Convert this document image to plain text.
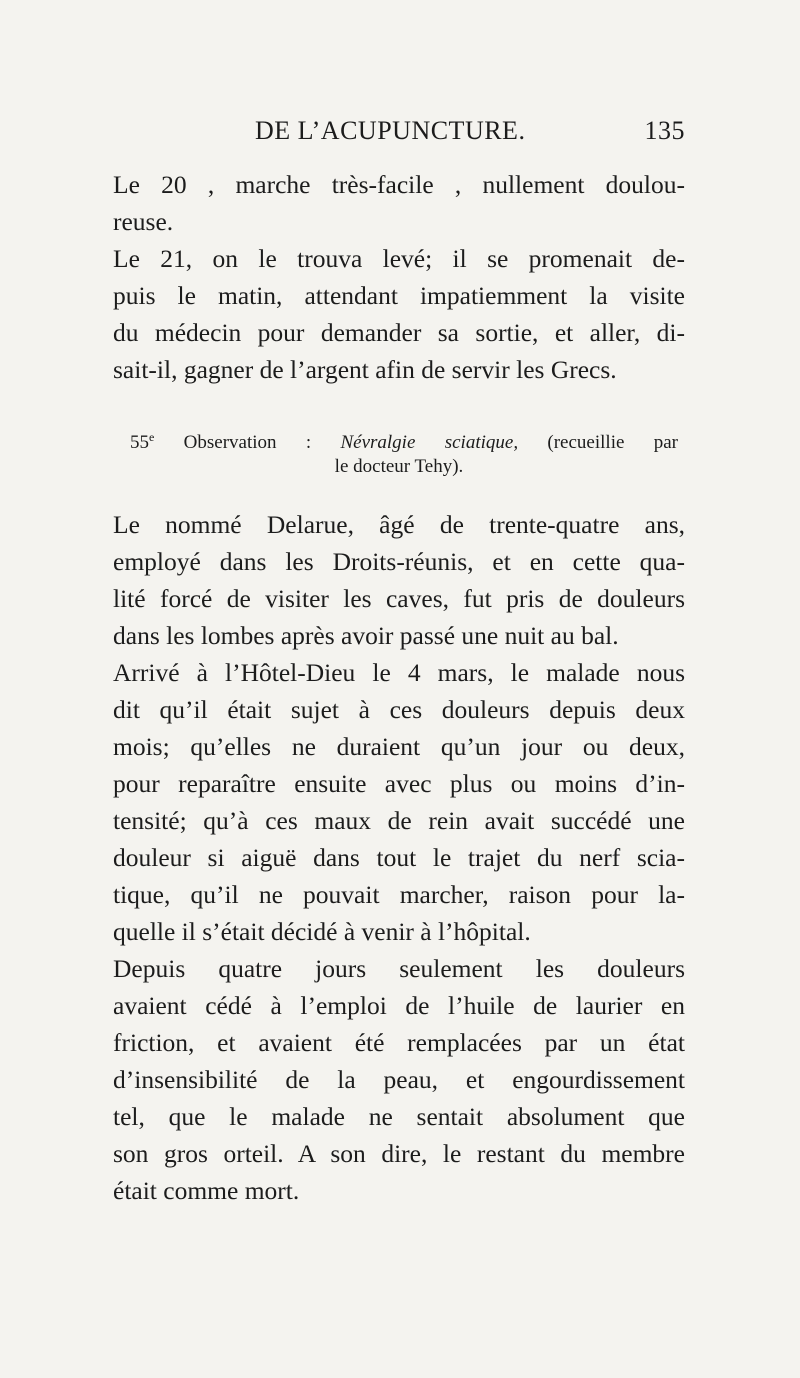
DE L’ACUPUNCTURE.	135
Le 20 , marche très-facile , nullement doulou-
reuse.
Le 21, on le trouva levé; il se promenait de-
puis le matin, attendant impatiemment la visite
du médecin pour demander sa sortie, et aller, di-
sait-il, gagner de l’argent afin de servir les Grecs.
55e Observation : Névralgie sciatique, (recueillie par
le docteur Tehy).
Le nommé Delarue, âgé de trente-quatre ans,
employé dans les Droits-réunis, et en cette qua-
lité forcé de visiter les caves, fut pris de douleurs
dans les lombes après avoir passé une nuit au bal.
Arrivé à l’Hôtel-Dieu le 4 mars, le malade nous
dit qu’il était sujet à ces douleurs depuis deux
mois; qu’elles ne duraient qu’un jour ou deux,
pour reparaître ensuite avec plus ou moins d’in-
tensité; qu’à ces maux de rein avait succédé une
douleur si aiguë dans tout le trajet du nerf scia-
tique, qu’il ne pouvait marcher, raison pour la-
quelle il s’était décidé à venir à l’hôpital.
Depuis quatre jours seulement les douleurs
avaient cédé à l’emploi de l’huile de laurier en
friction, et avaient été remplacées par un état
d’insensibilité de la peau, et engourdissement
tel, que le malade ne sentait absolument que
son gros orteil. A son dire, le restant du membre
était comme mort.
